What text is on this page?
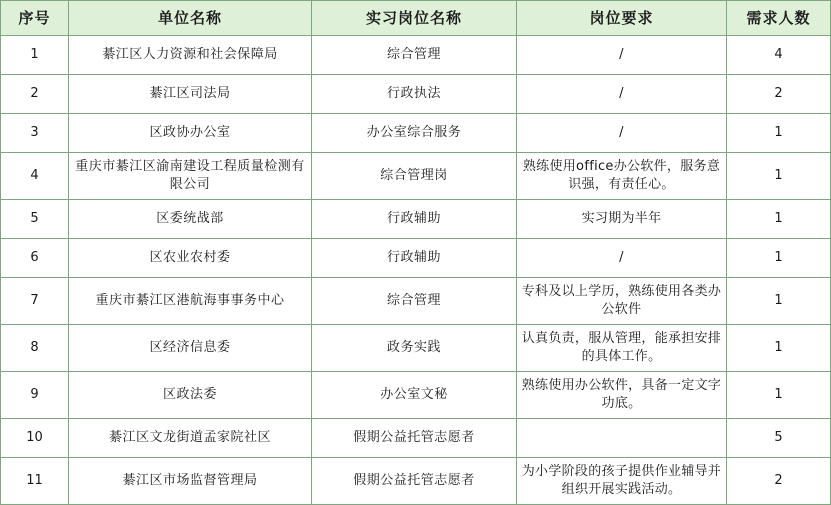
序号	单位名称	实习岗位名称	岗位要求	需求人数
1	綦江区人力资源和社会保障局	综合管理	/	4
2	綦江区司法局	行政执法	/	2
3	区政协办公室	办公室综合服务	/	1
4	重庆市綦江区渝南建设工程质量检测有限公司	综合管理岗	熟练使用office办公软件，服务意识强，有责任心。	1
5	区委统战部	行政辅助	实习期为半年	1
6	区农业农村委	行政辅助	/	1
7	重庆市綦江区港航海事事务中心	综合管理	专科及以上学历，熟练使用各类办公软件	1
8	区经济信息委	政务实践	认真负责，服从管理，能承担安排的具体工作。	1
9	区政法委	办公室文秘	熟练使用办公软件，具备一定文字功底。	1
10	綦江区文龙街道孟家院社区	假期公益托管志愿者		5
11	綦江区市场监督管理局	假期公益托管志愿者	为小学阶段的孩子提供作业辅导并组织开展实践活动。	2
